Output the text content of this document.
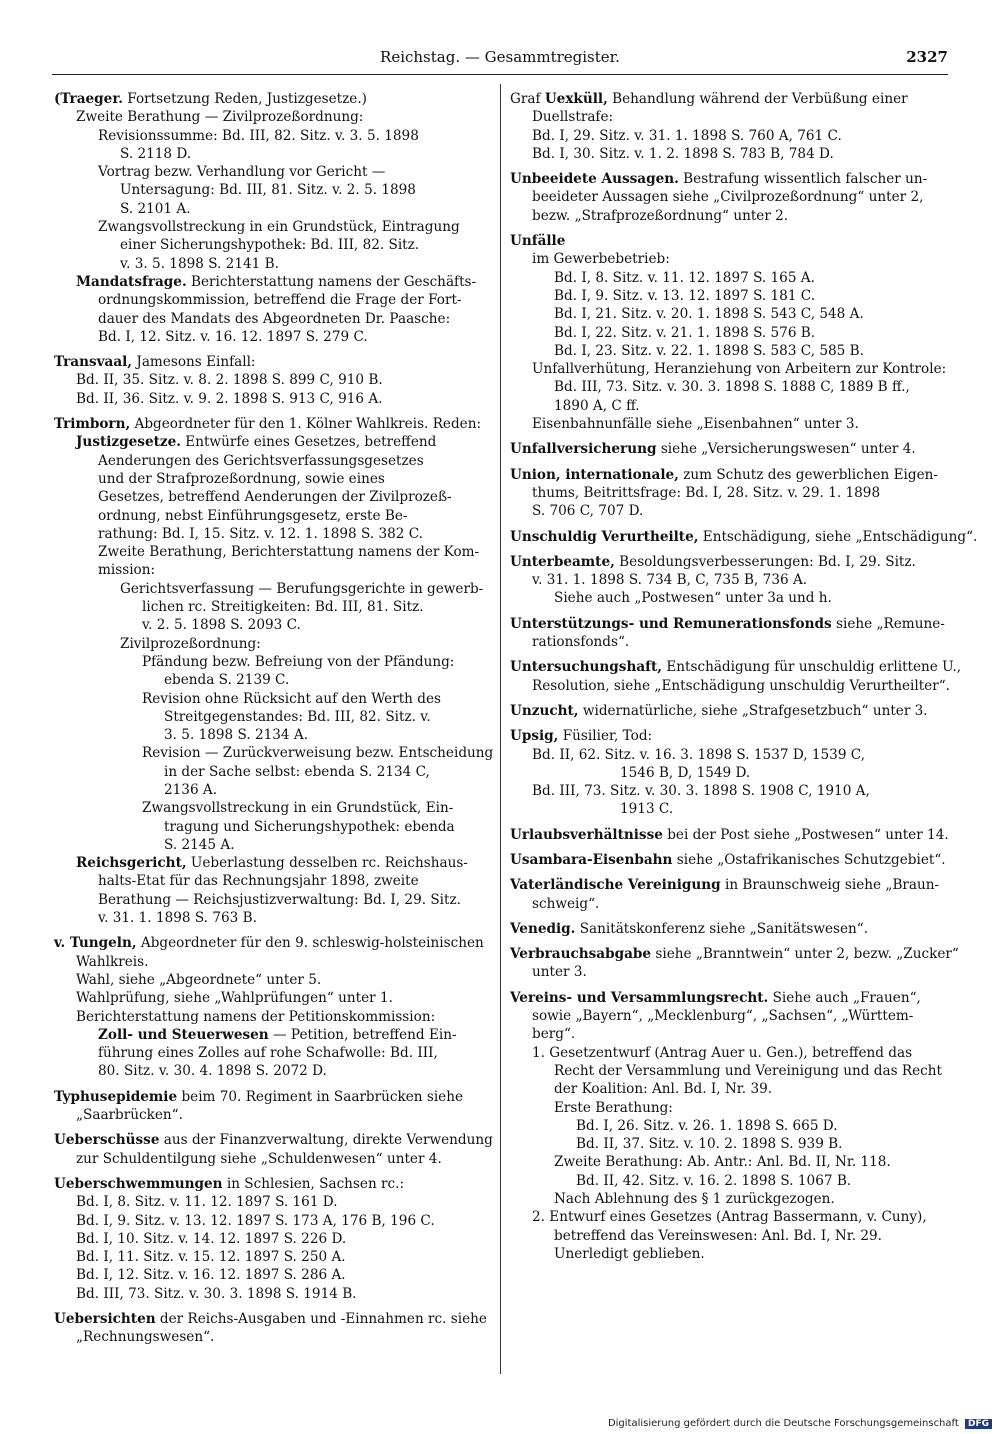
Reichstag. — Gesammtregister.	2327
(Traeger. Fortsetzung Reden, Justizgesetze.)
Zweite Berathung — Zivilprozeßordnung:
Revisionssumme: Bd. III, 82. Sitz. v. 3. 5. 1898
S. 2118 D.
Vortrag bezw. Verhandlung vor Gericht —
Untersagung: Bd. III, 81. Sitz. v. 2. 5. 1898
S. 2101 A.
Zwangsvollstreckung in ein Grundstück, Eintragung
einer Sicherungshypothek: Bd. III, 82. Sitz.
v. 3. 5. 1898 S. 2141 B.
Mandatsfrage. Berichterstattung namens der Geschäfts-
ordnungskommission, betreffend die Frage der Fort-
dauer des Mandats des Abgeordneten Dr. Paasche:
Bd. I, 12. Sitz. v. 16. 12. 1897 S. 279 C.
Transvaal, Jamesons Einfall:
Bd. II, 35. Sitz. v. 8. 2. 1898 S. 899 C, 910 B.
Bd. II, 36. Sitz. v. 9. 2. 1898 S. 913 C, 916 A.
Trimborn, Abgeordneter für den 1. Kölner Wahlkreis. Reden:
Justizgesetze. Entwürfe eines Gesetzes, betreffend
Aenderungen des Gerichtsverfassungsgesetzes
und der Strafprozeßordnung, sowie eines
Gesetzes, betreffend Aenderungen der Zivilprozeß-
ordnung, nebst Einführungsgesetz, erste Be-
rathung: Bd. I, 15. Sitz. v. 12. 1. 1898 S. 382 C.
Zweite Berathung, Berichterstattung namens der Kom-
mission:
Gerichtsverfassung — Berufungsgerichte in gewerb-
lichen rc. Streitigkeiten: Bd. III, 81. Sitz.
v. 2. 5. 1898 S. 2093 C.
Zivilprozeßordnung:
Pfändung bezw. Befreiung von der Pfändung:
ebenda S. 2139 C.
Revision ohne Rücksicht auf den Werth des
Streitgegenstandes: Bd. III, 82. Sitz. v.
3. 5. 1898 S. 2134 A.
Revision — Zurückverweisung bezw. Entscheidung
in der Sache selbst: ebenda S. 2134 C,
2136 A.
Zwangsvollstreckung in ein Grundstück, Ein-
tragung und Sicherungshypothek: ebenda
S. 2145 A.
Reichsgericht, Ueberlastung desselben rc. Reichshaus-
halts-Etat für das Rechnungsjahr 1898, zweite
Berathung — Reichsjustizverwaltung: Bd. I, 29. Sitz.
v. 31. 1. 1898 S. 763 B.
v. Tungeln, Abgeordneter für den 9. schleswig-holsteinischen
Wahlkreis.
Wahl, siehe „Abgeordnete“ unter 5.
Wahlprüfung, siehe „Wahlprüfungen“ unter 1.
Berichterstattung namens der Petitionskommission:
Zoll- und Steuerwesen — Petition, betreffend Ein-
führung eines Zolles auf rohe Schafwolle: Bd. III,
80. Sitz. v. 30. 4. 1898 S. 2072 D.
Typhusepidemie beim 70. Regiment in Saarbrücken siehe
„Saarbrücken“.
Ueberschüsse aus der Finanzverwaltung, direkte Verwendung
zur Schuldentilgung siehe „Schuldenwesen“ unter 4.
Ueberschwemmungen in Schlesien, Sachsen rc.:
Bd. I, 8. Sitz. v. 11. 12. 1897 S. 161 D.
Bd. I, 9. Sitz. v. 13. 12. 1897 S. 173 A, 176 B, 196 C.
Bd. I, 10. Sitz. v. 14. 12. 1897 S. 226 D.
Bd. I, 11. Sitz. v. 15. 12. 1897 S. 250 A.
Bd. I, 12. Sitz. v. 16. 12. 1897 S. 286 A.
Bd. III, 73. Sitz. v. 30. 3. 1898 S. 1914 B.
Uebersichten der Reichs-Ausgaben und -Einnahmen rc. siehe
„Rechnungswesen“.
Graf Uexküll, Behandlung während der Verbüßung einer
Duellstrafe:
Bd. I, 29. Sitz. v. 31. 1. 1898 S. 760 A, 761 C.
Bd. I, 30. Sitz. v. 1. 2. 1898 S. 783 B, 784 D.
Unbeeidete Aussagen. Bestrafung wissentlich falscher un-
beeideter Aussagen siehe „Civilprozeßordnung“ unter 2,
bezw. „Strafprozeßordnung“ unter 2.
Unfälle
im Gewerbebetrieb:
Bd. I, 8. Sitz. v. 11. 12. 1897 S. 165 A.
Bd. I, 9. Sitz. v. 13. 12. 1897 S. 181 C.
Bd. I, 21. Sitz. v. 20. 1. 1898 S. 543 C, 548 A.
Bd. I, 22. Sitz. v. 21. 1. 1898 S. 576 B.
Bd. I, 23. Sitz. v. 22. 1. 1898 S. 583 C, 585 B.
Unfallverhütung, Heranziehung von Arbeitern zur Kontrole:
Bd. III, 73. Sitz. v. 30. 3. 1898 S. 1888 C, 1889 B ff.,
1890 A, C ff.
Eisenbahnunfälle siehe „Eisenbahnen“ unter 3.
Unfallversicherung siehe „Versicherungswesen“ unter 4.
Union, internationale, zum Schutz des gewerblichen Eigen-
thums, Beitrittsfrage: Bd. I, 28. Sitz. v. 29. 1. 1898
S. 706 C, 707 D.
Unschuldig Verurtheilte, Entschädigung, siehe „Entschädigung“.
Unterbeamte, Besoldungsverbesserungen: Bd. I, 29. Sitz.
v. 31. 1. 1898 S. 734 B, C, 735 B, 736 A.
Siehe auch „Postwesen“ unter 3a und h.
Unterstützungs- und Remunerationsfonds siehe „Remune-
rationsfonds“.
Untersuchungshaft, Entschädigung für unschuldig erlittene U.,
Resolution, siehe „Entschädigung unschuldig Verurtheilter“.
Unzucht, widernatürliche, siehe „Strafgesetzbuch“ unter 3.
Upsig, Füsilier, Tod:
Bd. II, 62. Sitz. v. 16. 3. 1898 S. 1537 D, 1539 C,
1546 B, D, 1549 D.
Bd. III, 73. Sitz. v. 30. 3. 1898 S. 1908 C, 1910 A,
1913 C.
Urlaubsverhältnisse bei der Post siehe „Postwesen“ unter 14.
Usambara-Eisenbahn siehe „Ostafrikanisches Schutzgebiet“.
Vaterländische Vereinigung in Braunschweig siehe „Braun-
schweig“.
Venedig. Sanitätskonferenz siehe „Sanitätswesen“.
Verbrauchsabgabe siehe „Branntwein“ unter 2, bezw. „Zucker“
unter 3.
Vereins- und Versammlungsrecht. Siehe auch „Frauen“,
sowie „Bayern“, „Mecklenburg“, „Sachsen“, „Württem-
berg“.
1. Gesetzentwurf (Antrag Auer u. Gen.), betreffend das
Recht der Versammlung und Vereinigung und das Recht
der Koalition: Anl. Bd. I, Nr. 39.
Erste Berathung:
Bd. I, 26. Sitz. v. 26. 1. 1898 S. 665 D.
Bd. II, 37. Sitz. v. 10. 2. 1898 S. 939 B.
Zweite Berathung: Ab. Antr.: Anl. Bd. II, Nr. 118.
Bd. II, 42. Sitz. v. 16. 2. 1898 S. 1067 B.
Nach Ablehnung des § 1 zurückgezogen.
2. Entwurf eines Gesetzes (Antrag Bassermann, v. Cuny),
betreffend das Vereinswesen: Anl. Bd. I, Nr. 29.
Unerledigt geblieben.
Digitalisierung gefördert durch die Deutsche Forschungsgemeinschaft DFG
